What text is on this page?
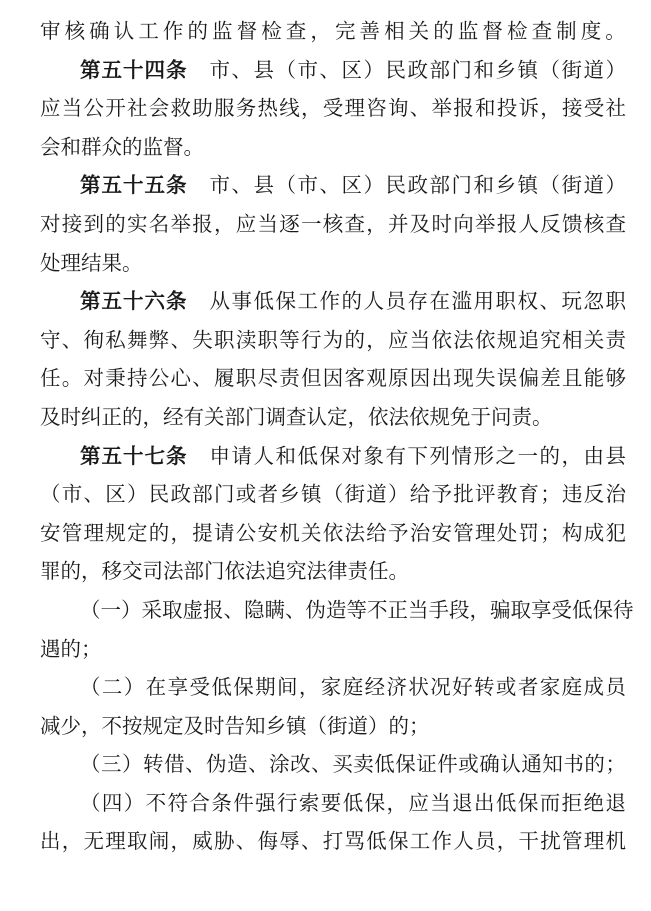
审 核 确 认 工 作 的 监 督 检 查 ， 完 善 相 关 的 监 督 检 查 制 度 。
第五十四条 市 、 县 （ 市 、 区 ） 民 政 部 门 和 乡 镇 （ 街 道 ）
应 当 公 开 社 会 救 助 服 务 热 线 ， 受 理 咨 询 、 举 报 和 投 诉 ， 接 受 社
会和群众的监督。
第五十五条 市 、 县 （ 市 、 区 ） 民 政 部 门 和 乡 镇 （ 街 道 ）
对 接 到 的 实 名 举 报 ， 应 当 逐 一 核 查 ， 并 及 时 向 举 报 人 反 馈 核 查
处理结果。
第五十六条 从 事 低 保 工 作 的 人 员 存 在 滥 用 职 权 、 玩 忽 职
守 、 徇 私 舞 弊 、 失 职 渎 职 等 行 为 的 ， 应 当 依 法 依 规 追 究 相 关 责
任 。 对 秉 持 公 心 、 履 职 尽 责 但 因 客 观 原 因 出 现 失 误 偏 差 且 能 够
及时纠正的，经有关部门调查认定，依法依规免于问责。
第五十七条 申 请 人 和 低 保 对 象 有 下 列 情 形 之 一 的 ， 由 县
（ 市 、 区 ） 民 政 部 门 或 者 乡 镇 （ 街 道 ） 给 予 批 评 教 育 ； 违 反 治
安 管 理 规 定 的 ， 提 请 公 安 机 关 依 法 给 予 治 安 管 理 处 罚 ； 构 成 犯
罪的，移交司法部门依法追究法律责任。
（ 一 ） 采 取 虚 报 、 隐 瞒 、 伪 造 等 不 正 当 手 段 ， 骗 取 享 受 低 保 待
遇的；
（ 二 ） 在 享 受 低 保 期 间 ， 家 庭 经 济 状 况 好 转 或 者 家 庭 成 员
减少，不按规定及时告知乡镇（街道）的；
（ 三 ） 转 借 、 伪 造 、 涂 改 、 买 卖 低 保 证 件 或 确 认 通 知 书 的 ；
（ 四 ） 不 符 合 条 件 强 行 索 要 低 保 ， 应 当 退 出 低 保 而 拒 绝 退
出 ， 无 理 取 闹 ， 威 胁 、 侮 辱 、 打 骂 低 保 工 作 人 员 ， 干 扰 管 理 机
